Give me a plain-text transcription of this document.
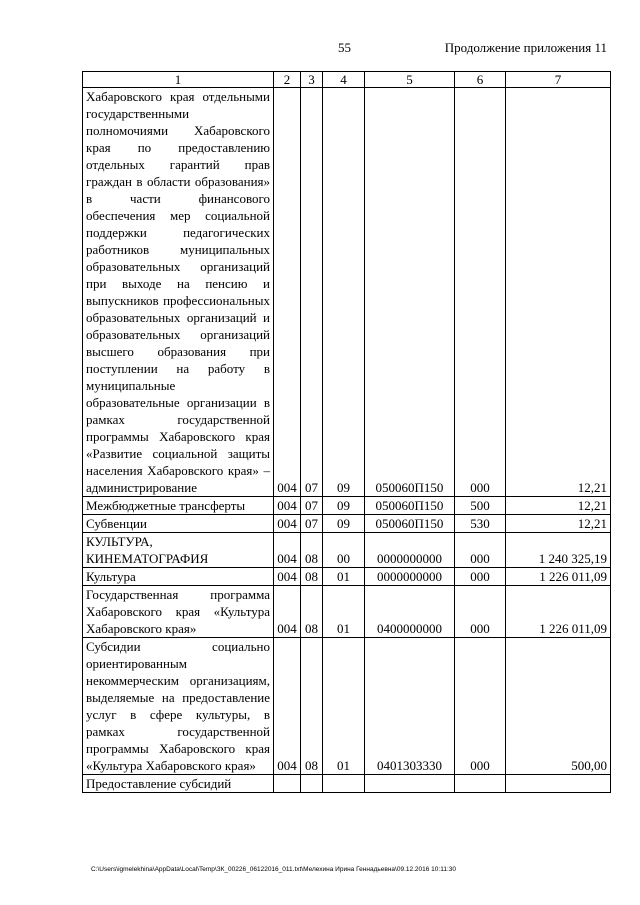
55	Продолжение приложения 11
1	2	3	4	5	6	7
Хабаровского края отдельными государственными полномочиями Хабаровского края по предоставлению отдельных гарантий прав граждан в области образования» в части финансового обеспечения мер социальной поддержки педагогических работников муниципальных образовательных организаций при выходе на пенсию и выпускников профессиональных образовательных организаций и образовательных организаций высшего образования при поступлении на работу в муниципальные образовательные организации в рамках государственной программы Хабаровского края «Развитие социальной защиты населения Хабаровского края» – администрирование	004	07	09	050060П150	000	12,21
Межбюджетные трансферты	004	07	09	050060П150	500	12,21
Субвенции	004	07	09	050060П150	530	12,21
КУЛЬТУРА, КИНЕМАТОГРАФИЯ	004	08	00	0000000000	000	1 240 325,19
Культура	004	08	01	0000000000	000	1 226 011,09
Государственная программа Хабаровского края «Культура Хабаровского края»	004	08	01	0400000000	000	1 226 011,09
Субсидии социально ориентированным некоммерческим организациям, выделяемые на предоставление услуг в сфере культуры, в рамках государственной программы Хабаровского края «Культура Хабаровского края»	004	08	01	0401303330	000	500,00
Предоставление субсидий						
C:\Users\igmelekhina\AppData\Local\Temp\ЗК_00226_06122016_011.txt\Мелехина Ирина Геннадьевна\09.12.2016 10:11:30
